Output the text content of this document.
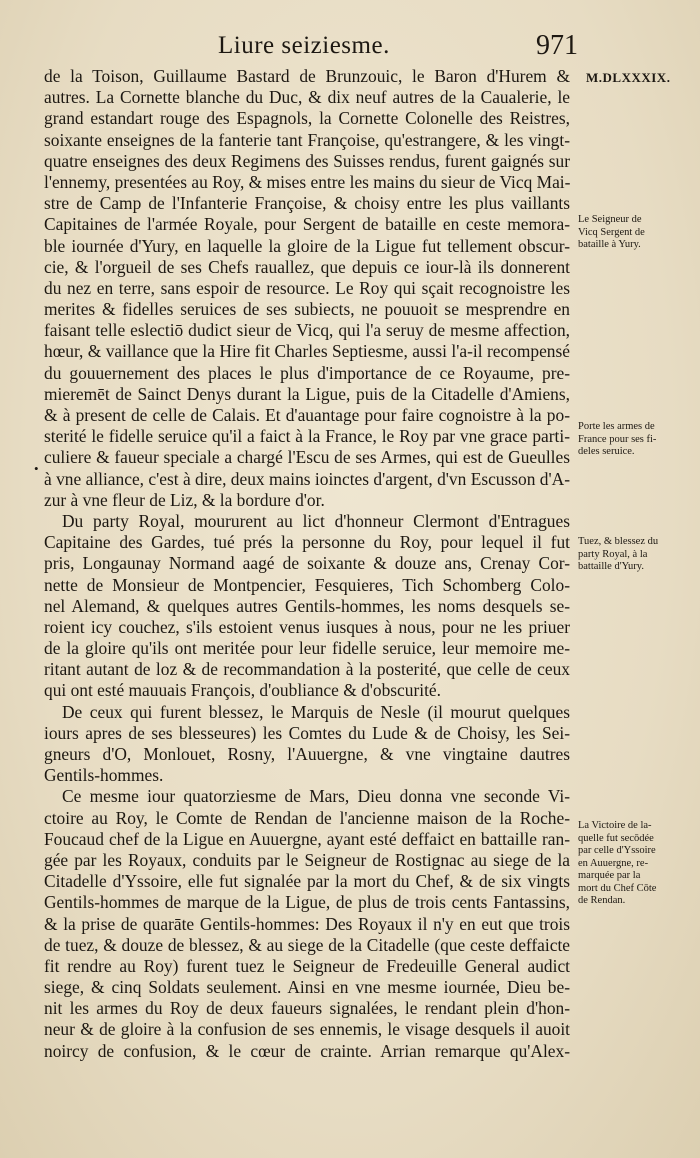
Liure seiziesme.	971
M.DLXXXIX.
•
de la Toison, Guillaume Bastard de Brunzouic, le Baron d'Hurem &
autres. La Cornette blanche du Duc, & dix neuf autres de la Caualerie, le
grand estandart rouge des Espagnols, la Cornette Colonelle des Reistres,
soixante enseignes de la fanterie tant Françoise, qu'estrangere, & les vingt-
quatre enseignes des deux Regimens des Suisses rendus, furent gaignés sur
l'ennemy, presentées au Roy, & mises entre les mains du sieur de Vicq Mai-
stre de Camp de l'Infanterie Françoise, & choisy entre les plus vaillants
Capitaines de l'armée Royale, pour Sergent de bataille en ceste memora-
ble iournée d'Yury, en laquelle la gloire de la Ligue fut tellement obscur-
cie, & l'orgueil de ses Chefs rauallez, que depuis ce iour-là ils donnerent
du nez en terre, sans espoir de resource. Le Roy qui sçait recognoistre les
merites & fidelles seruices de ses subiects, ne pouuoit se mesprendre en
faisant telle eslectiō dudict sieur de Vicq, qui l'a seruy de mesme affection,
hœur, & vaillance que la Hire fit Charles Septiesme, aussi l'a-il recompensé
du gouuernement des places le plus d'importance de ce Royaume, pre-
mieremēt de Sainct Denys durant la Ligue, puis de la Citadelle d'Amiens,
& à present de celle de Calais. Et d'auantage pour faire cognoistre à la po-
sterité le fidelle seruice qu'il a faict à la France, le Roy par vne grace parti-
culiere & faueur speciale a chargé l'Escu de ses Armes, qui est de Gueulles
à vne alliance, c'est à dire, deux mains ioinctes d'argent, d'vn Escusson d'A-
zur à vne fleur de Liz, & la bordure d'or.
Du party Royal, moururent au lict d'honneur Clermont d'Entragues
Capitaine des Gardes, tué prés la personne du Roy, pour lequel il fut
pris, Longaunay Normand aagé de soixante & douze ans, Crenay Cor-
nette de Monsieur de Montpencier, Fesquieres, Tich Schomberg Colo-
nel Alemand, & quelques autres Gentils-hommes, les noms desquels se-
roient icy couchez, s'ils estoient venus iusques à nous, pour ne les priuer
de la gloire qu'ils ont meritée pour leur fidelle seruice, leur memoire me-
ritant autant de loz & de recommandation à la posterité, que celle de ceux
qui ont esté mauuais François, d'oubliance & d'obscurité.
De ceux qui furent blessez, le Marquis de Nesle (il mourut quelques
iours apres de ses blesseures) les Comtes du Lude & de Choisy, les Sei-
gneurs d'O, Monlouet, Rosny, l'Auuergne, & vne vingtaine dautres
Gentils-hommes.
Ce mesme iour quatorziesme de Mars, Dieu donna vne seconde Vi-
ctoire au Roy, le Comte de Rendan de l'ancienne maison de la Roche-
Foucaud chef de la Ligue en Auuergne, ayant esté deffaict en battaille ran-
gée par les Royaux, conduits par le Seigneur de Rostignac au siege de la
Citadelle d'Yssoire, elle fut signalée par la mort du Chef, & de six vingts
Gentils-hommes de marque de la Ligue, de plus de trois cents Fantassins,
& la prise de quarāte Gentils-hommes: Des Royaux il n'y en eut que trois
de tuez, & douze de blessez, & au siege de la Citadelle (que ceste deffaicte
fit rendre au Roy) furent tuez le Seigneur de Fredeuille General audict
siege, & cinq Soldats seulement. Ainsi en vne mesme iournée, Dieu be-
nit les armes du Roy de deux faueurs signalées, le rendant plein d'hon-
neur & de gloire à la confusion de ses ennemis, le visage desquels il auoit
noircy de confusion, & le cœur de crainte. Arrian remarque qu'Alex-
Le Seigneur de
Vicq Sergent de
bataille à Yury.
Porte les armes de
France pour ses fi-
deles seruice.
Tuez, & blessez du
party Royal, à la
battaille d'Yury.
La Victoire de la-
quelle fut secōdée
par celle d'Yssoire
en Auuergne, re-
marquée par la
mort du Chef Cōte
de Rendan.
